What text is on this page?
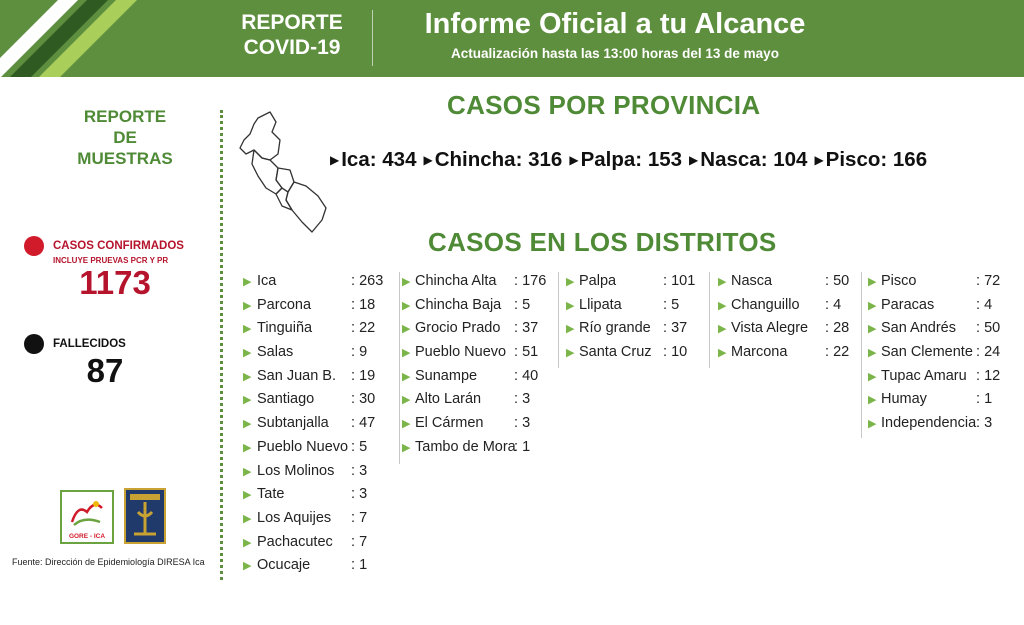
REPORTE
COVID-19
Informe Oficial a tu Alcance
Actualización hasta las 13:00 horas del 13 de mayo
REPORTE
DE
MUESTRAS
CASOS CONFIRMADOS
INCLUYE PRUEVAS PCR Y PR
1173
FALLECIDOS
87
GORE - ICA
Fuente: Dirección de Epidemiología DIRESA Ica
CASOS POR PROVINCIA
▶Ica: 434 ▶Chincha: 316 ▶Palpa: 153 ▶Nasca: 104 ▶Pisco: 166
CASOS EN LOS DISTRITOS
▶ Ica	: 263
▶ Parcona	: 18
▶ Tinguiña	: 22
▶ Salas	: 9
▶ San Juan B. : 19
▶ Santiago	: 30
▶ Subtanjalla : 47
▶ Pueblo Nuevo : 5
▶ Los Molinos : 3
▶ Tate	: 3
▶ Los Aquijes : 7
▶ Pachacutec : 7
▶ Ocucaje	: 1
▶ Chincha Alta : 176
▶ Chincha Baja : 5
▶ Grocio Prado : 37
▶ Pueblo Nuevo : 51
▶ Sunampe	: 40
▶ Alto Larán : 3
▶ El Cármen : 3
▶ Tambo de Mora
: 1
▶ Palpa	: 101
▶ Llipata	: 5
▶ Río grande : 37
▶ Santa Cruz : 10
▶ Nasca	: 50
▶ Changuillo : 4
▶ Vista Alegre : 28
▶ Marcona	: 22
▶ Pisco	: 72
▶ Paracas	: 4
▶ San Andrés : 50
▶ San Clemente : 24
▶ Tupac Amaru : 12
▶ Humay	: 1
▶ Independencia : 3
